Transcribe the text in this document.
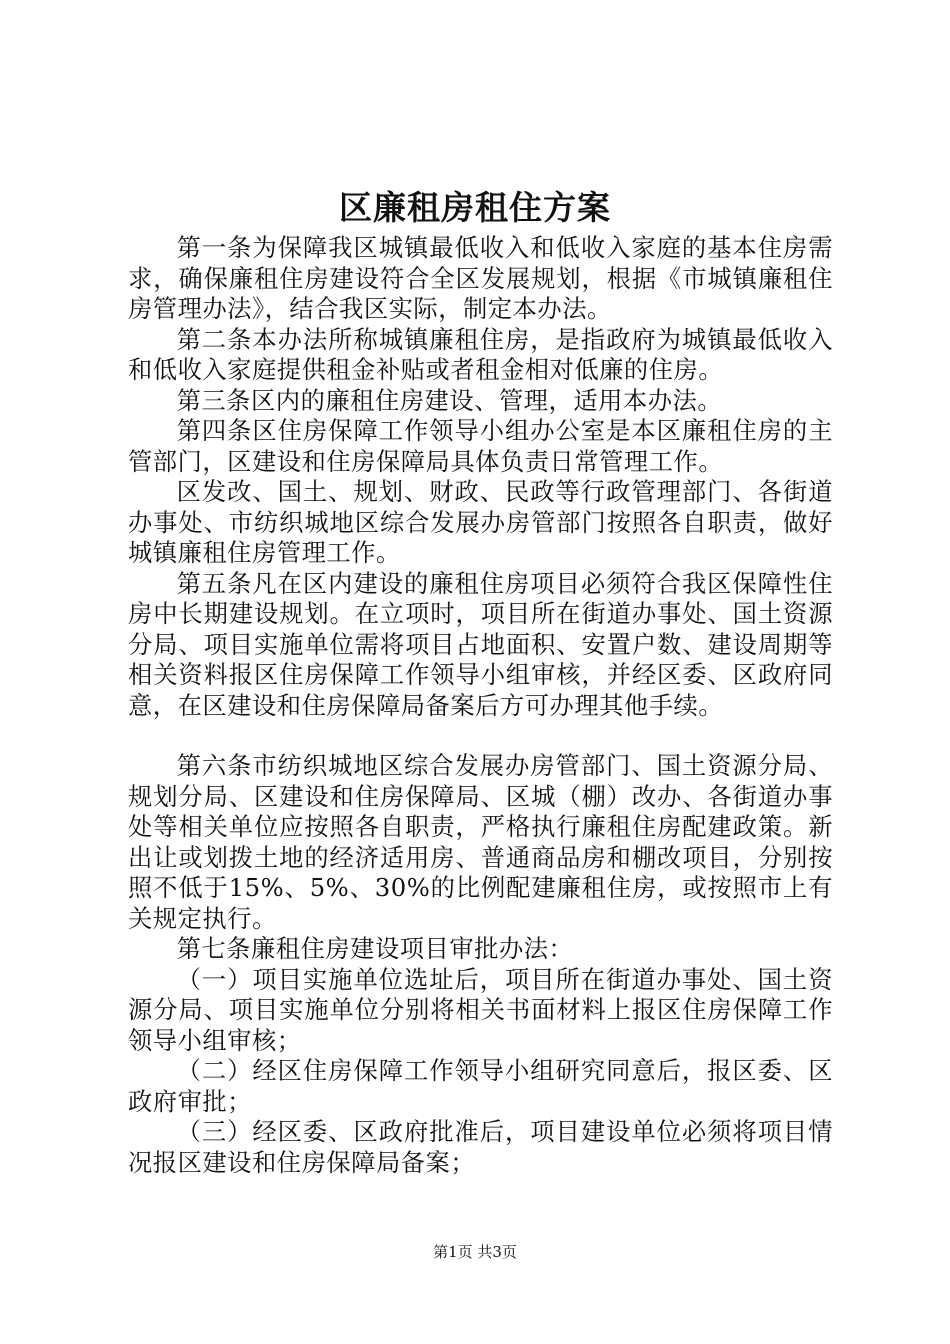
区廉租房租住方案

第一条为保障我区城镇最低收入和低收入家庭的基本住房需求，确保廉租住房建设符合全区发展规划，根据《市城镇廉租住房管理办法》，结合我区实际，制定本办法。

第二条本办法所称城镇廉租住房，是指政府为城镇最低收入和低收入家庭提供租金补贴或者租金相对低廉的住房。

第三条区内的廉租住房建设、管理，适用本办法。

第四条区住房保障工作领导小组办公室是本区廉租住房的主管部门，区建设和住房保障局具体负责日常管理工作。

区发改、国土、规划、财政、民政等行政管理部门、各街道办事处、市纺织城地区综合发展办房管部门按照各自职责，做好城镇廉租住房管理工作。

第五条凡在区内建设的廉租住房项目必须符合我区保障性住房中长期建设规划。在立项时，项目所在街道办事处、国土资源分局、项目实施单位需将项目占地面积、安置户数、建设周期等相关资料报区住房保障工作领导小组审核，并经区委、区政府同意，在区建设和住房保障局备案后方可办理其他手续。

第六条市纺织城地区综合发展办房管部门、国土资源分局、规划分局、区建设和住房保障局、区城（棚）改办、各街道办事处等相关单位应按照各自职责，严格执行廉租住房配建政策。新出让或划拨土地的经济适用房、普通商品房和棚改项目，分别按照不低于15%、5%、30%的比例配建廉租住房，或按照市上有关规定执行。

第七条廉租住房建设项目审批办法：

（一）项目实施单位选址后，项目所在街道办事处、国土资源分局、项目实施单位分别将相关书面材料上报区住房保障工作领导小组审核；

（二）经区住房保障工作领导小组研究同意后，报区委、区政府审批；

（三）经区委、区政府批准后，项目建设单位必须将项目情况报区建设和住房保障局备案；

第1页 共3页
